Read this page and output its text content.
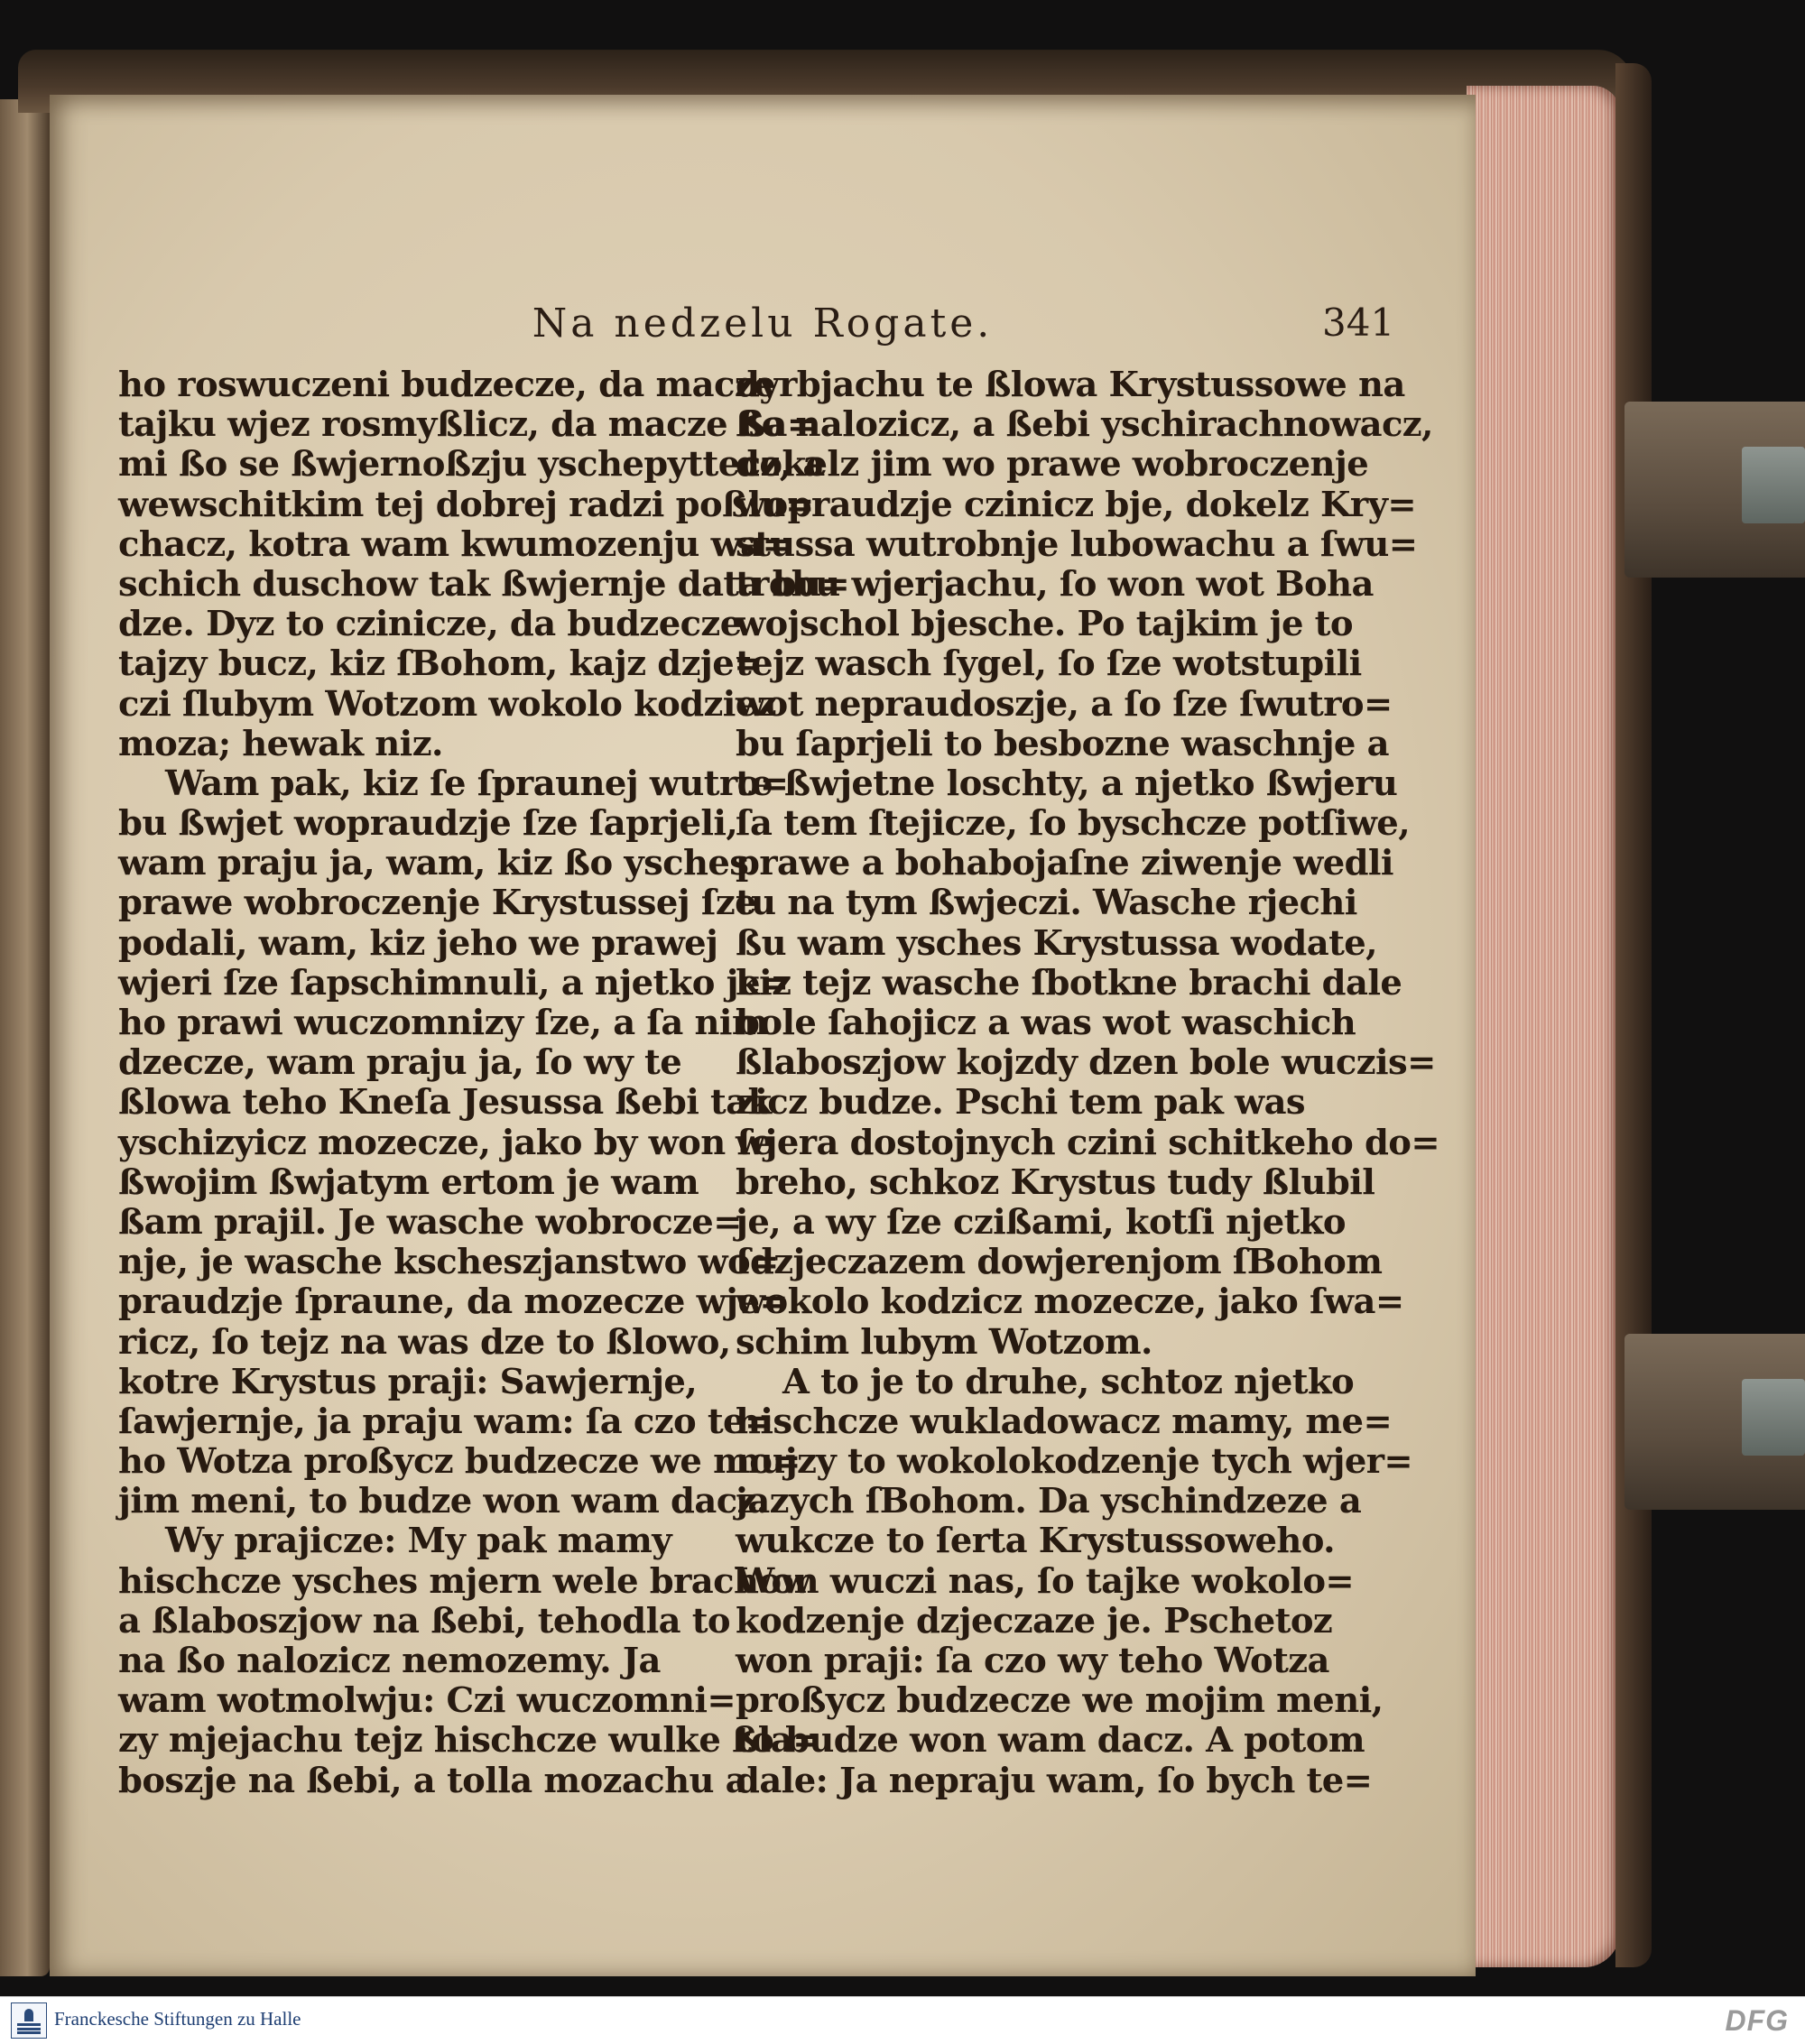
Na nedzelu Rogate.	341
ho roswuczeni budzecze, da macze
tajku wjez rosmyßlicz, da macze ßa=
mi ßo se ßwjernoßzju yschepyttecz, a
wewschitkim tej dobrej radzi poßlu=
chacz, kotra wam kwumozenju wa=
schich duschow tak ßwjernje data bu=
dze. Dyz to czinicze, da budzecze
tajzy bucz, kiz ſBohom, kajz dzje=
czi ſlubym Wotzom wokolo kodziez
moza; hewak niz.
Wam pak, kiz ſe ſpraunej wutro=
bu ßwjet wopraudzje ſze ſaprjeli,
wam praju ja, wam, kiz ßo ysches
prawe wobroczenje Krystussej ſze
podali, wam, kiz jeho we prawej
wjeri ſze ſapschimnuli, a njetko je=
ho prawi wuczomnizy ſze, a ſa nim
dzecze, wam praju ja, ſo wy te
ßlowa teho Kneſa Jesussa ßebi tak
yschizyicz mozecze, jako by won ſe
ßwojim ßwjatym ertom je wam
ßam prajil. Je wasche wobrocze=
nje, je wasche kscheszjanstwo wo=
praudzje ſpraune, da mozecze wje=
ricz, ſo tejz na was dze to ßlowo,
kotre Krystus praji: Sawjernje,
ſawjernje, ja praju wam: ſa czo te=
ho Wotza proßycz budzecze we mo=
jim meni, to budze won wam dacz.
Wy prajicze: My pak mamy
hischcze ysches mjern wele brachow
a ßlaboszjow na ßebi, tehodla to
na ßo nalozicz nemozemy. Ja
wam wotmolwju: Czi wuczomni=
zy mjejachu tejz hischcze wulke ßla=
boszje na ßebi, a tolla mozachu a
dyrbjachu te ßlowa Krystussowe na
ßo nalozicz, a ßebi yschirachnowacz,
dokelz jim wo prawe wobroczenje
wopraudzje czinicz bje, dokelz Kry=
stussa wutrobnje lubowachu a ſwu=
trobu wjerjachu, ſo won wot Boha
wojschol bjesche. Po tajkim je to
tejz wasch ſygel, ſo ſze wotstupili
wot nepraudoszje, a ſo ſze ſwutro=
bu ſaprjeli to besbozne waschnje a
te ßwjetne loschty, a njetko ßwjeru
ſa tem ſtejicze, ſo byschcze potſiwe,
prawe a bohabojaſne ziwenje wedli
tu na tym ßwjeczi. Wasche rjechi
ßu wam ysches Krystussa wodate,
kiz tejz wasche ſbotkne brachi dale
bole ſahojicz a was wot waschich
ßlaboszjow kojzdy dzen bole wuczis=
zicz budze. Pschi tem pak was
wjera dostojnych czini schitkeho do=
breho, schkoz Krystus tudy ßlubil
je, a wy ſze czißami, kotſi njetko
ſdzjeczazem dowjerenjom ſBohom
wokolo kodzicz mozecze, jako ſwa=
schim lubym Wotzom.
A to je to druhe, schtoz njetko
hischcze wukladowacz mamy, me=
nujzy to wokolokodzenje tych wjer=
jazych ſBohom. Da yschindzeze a
wukcze to ſerta Krystussoweho.
Won wuczi nas, ſo tajke wokolo=
kodzenje dzjeczaze je. Pschetoz
won praji: ſa czo wy teho Wotza
proßycz budzecze we mojim meni,
to budze won wam dacz. A potom
dale: Ja nepraju wam, ſo bych te=
Franckesche Stiftungen zu Halle	DFG
